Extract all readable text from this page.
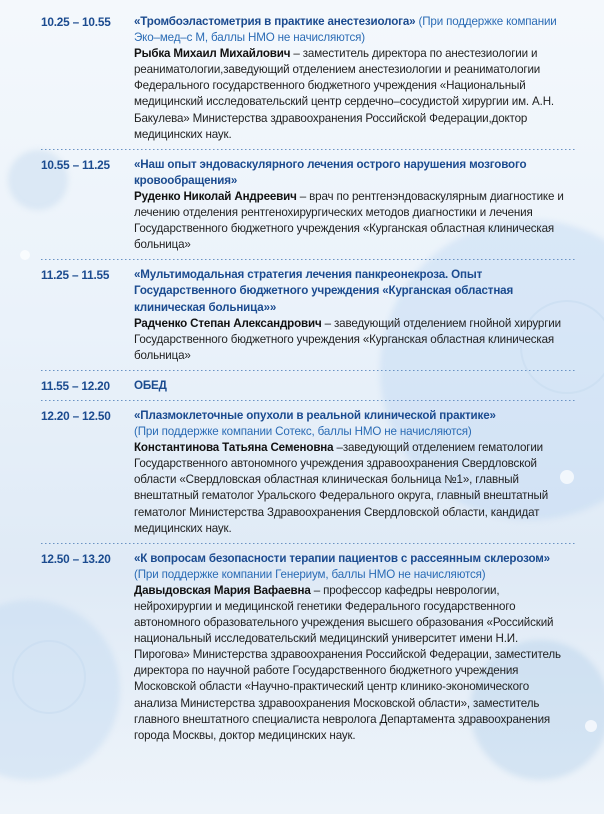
10.25 – 10.55 «Тромбоэластометрия в практике анестезиолога» (При поддержке компании Эко–мед–с М, баллы НМО не начисляются)
Рыбка Михаил Михайлович – заместитель директора по анестезиологии и реаниматологии,заведующий отделением анестезиологии и реаниматологии Федерального государственного бюджетного учреждения «Национальный медицинский исследовательский центр сердечно–сосудистой хирургии им. А.Н. Бакулева» Министерства здравоохранения Российской Федерации,доктор медицинских наук.
10.55 – 11.25 «Наш опыт эндоваскулярного лечения острого нарушения мозгового кровообращения»
Руденко Николай Андреевич – врач по рентгенэндоваскулярным диагностике и лечению отделения рентгенохирургических методов диагностики и лечения Государственного бюджетного учреждения «Курганская областная клиническая больница»
11.25 – 11.55 «Мультимодальная стратегия лечения панкреонекроза. Опыт Государственного бюджетного учреждения «Курганская областная клиническая больница»»
Радченко Степан Александрович – заведующий отделением гнойной хирургии Государственного бюджетного учреждения «Курганская областная клиническая больница»
11.55 – 12.20 ОБЕД
12.20 – 12.50 «Плазмоклеточные опухоли в реальной клинической практике»
(При поддержке компании Сотекс, баллы НМО не начисляются)
Константинова Татьяна Семеновна –заведующий отделением гематологии Государственного автономного учреждения здравоохранения Свердловской области «Свердловская областная клиническая больница №1», главный внештатный гематолог Уральского Федерального округа, главный внештатный гематолог Министерства Здравоохранения Свердловской области, кандидат медицинских наук.
12.50 – 13.20 «К вопросам безопасности терапии пациентов с рассеянным склерозом»
(При поддержке компании Генериум, баллы НМО не начисляются)
Давыдовская Мария Вафаевна – профессор кафедры неврологии, нейрохирургии и медицинской генетики Федерального государственного автономного образовательного учреждения высшего образования «Российский национальный исследовательский медицинский университет имени Н.И. Пирогова» Министерства здравоохранения Российской Федерации, заместитель директора по научной работе Государственного бюджетного учреждения Московской области «Научно-практический центр клинико-экономического анализа Министерства здравоохранения Московской области», заместитель главного внештатного специалиста невролога Департамента здравоохранения города Москвы, доктор медицинских наук.
